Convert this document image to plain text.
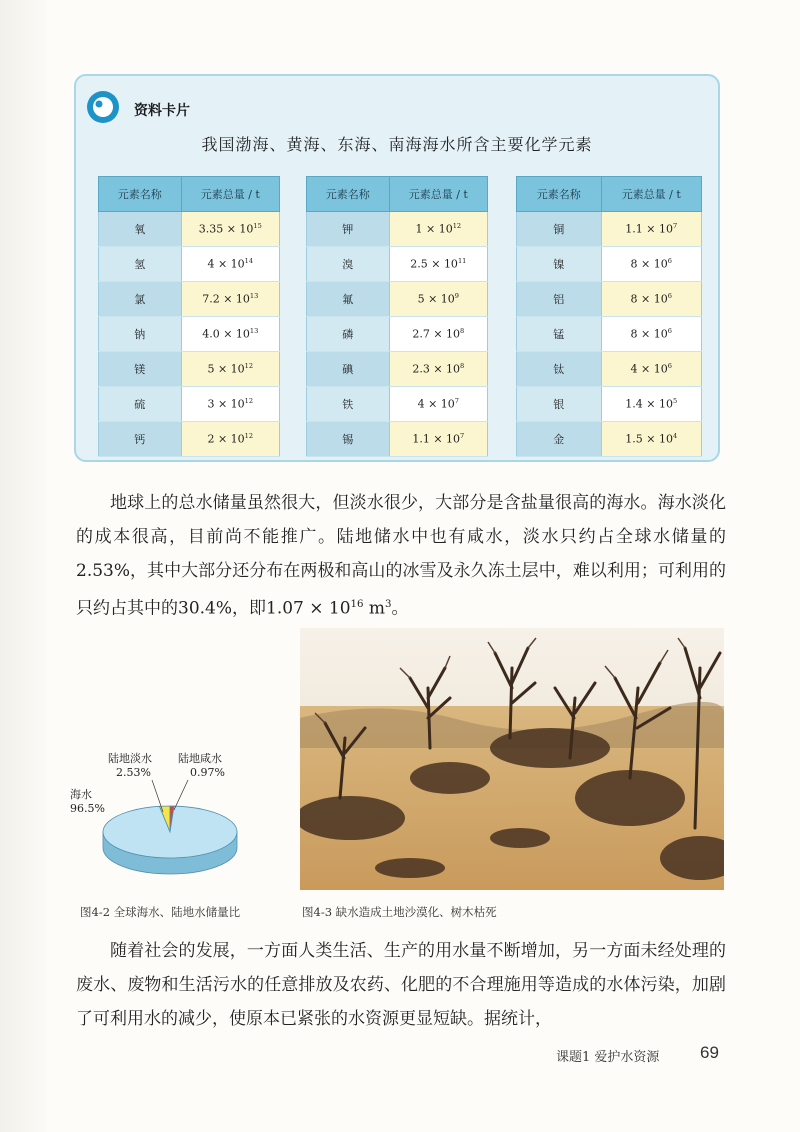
资料卡片
我国渤海、黄海、东海、南海海水所含主要化学元素
元素名称	元素总量 / t
氧	$3.35 \times 10^{15}$
氢	$4 \times 10^{14}$
氯	$7.2 \times 10^{13}$
钠	$4.0 \times 10^{13}$
镁	$5 \times 10^{12}$
硫	$3 \times 10^{12}$
钙	$2 \times 10^{12}$
元素名称	元素总量 / t
钾	$1 \times 10^{12}$
溴	$2.5 \times 10^{11}$
氟	$5 \times 10^9$
磷	$2.7 \times 10^8$
碘	$2.3 \times 10^8$
铁	$4 \times 10^7$
锡	$1.1 \times 10^7$
元素名称	元素总量 / t
铜	$1.1 \times 10^7$
镍	$8 \times 10^6$
铝	$8 \times 10^6$
锰	$8 \times 10^6$
钛	$4 \times 10^6$
银	$1.4 \times 10^5$
金	$1.5 \times 10^4$

地球上的总水储量虽然很大，但淡水很少，大部分是含盐量很高的海水。海水淡化的成本很高，目前尚不能推广。陆地储水中也有咸水，淡水只约占全球水储量的 2.53%，其中大部分还分布在两极和高山的冰雪及永久冻土层中，难以利用；可利用的只约占其中的30.4%，即$1.07 \times 10^{16}$ $m^3$。

海水
96.5%
陆地淡水
2.53%
陆地咸水
0.97%
图4-2 全球海水、陆地水储量比	图4-3 缺水造成土地沙漠化、树木枯死

随着社会的发展，一方面人类生活、生产的用水量不断增加，另一方面未经处理的废水、废物和生活污水的任意排放及农药、化肥的不合理施用等造成的水体污染，加剧了可利用水的减少，使原本已紧张的水资源更显短缺。据统计，

课题1 爱护水资源 69
